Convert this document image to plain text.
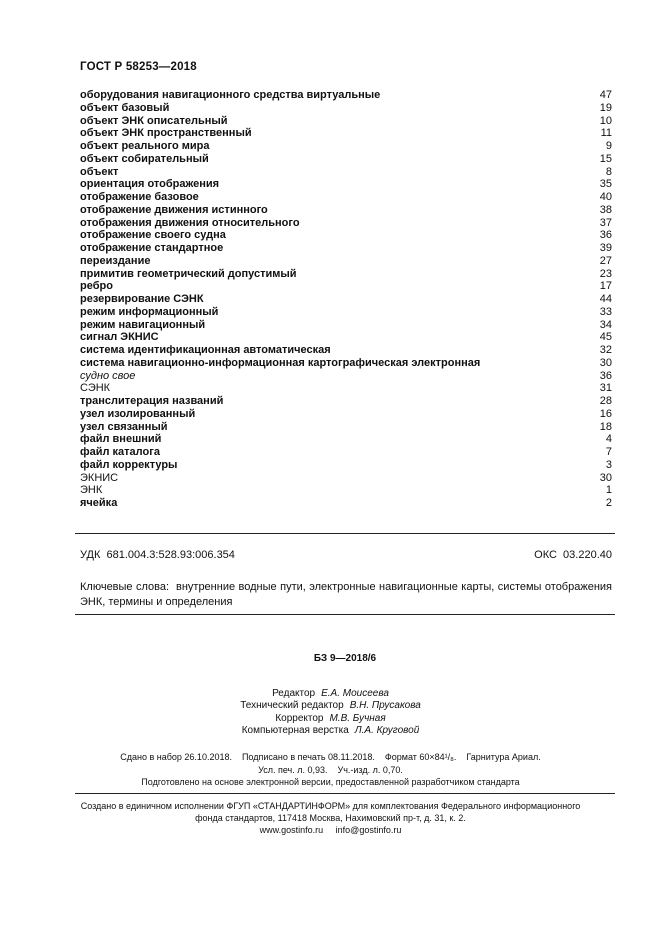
ГОСТ Р 58253—2018
оборудования навигационного средства виртуальные	47
объект базовый	19
объект ЭНК описательный	10
объект ЭНК пространственный	11
объект реального мира	9
объект собирательный	15
объект	8
ориентация отображения	35
отображение базовое	40
отображение движения истинного	38
отображения движения относительного	37
отображение своего судна	36
отображение стандартное	39
переиздание	27
примитив геометрический допустимый	23
ребро	17
резервирование СЭНК	44
режим информационный	33
режим навигационный	34
сигнал ЭКНИС	45
система идентификационная автоматическая	32
система навигационно-информационная картографическая электронная	30
судно свое	36
СЭНК	31
транслитерация названий	28
узел изолированный	16
узел связанный	18
файл внешний	4
файл каталога	7
файл корректуры	3
ЭКНИС	30
ЭНК	1
ячейка	2
УДК  681.004.3:528.93:006.354	ОКС  03.220.40
Ключевые слова:  внутренние водные пути, электронные навигационные карты, системы отображения ЭНК, термины и определения
БЗ 9—2018/6
Редактор Е.А. Моисеева
Технический редактор В.Н. Прусакова
Корректор М.В. Бучная
Компьютерная верстка Л.А. Круговой
Сдано в набор 26.10.2018.    Подписано в печать 08.11.2018.    Формат 60×84¹/₈.    Гарнитура Ариал.
Усл. печ. л. 0,93.    Уч.-изд. л. 0,70.
Подготовлено на основе электронной версии, предоставленной разработчиком стандарта
Создано в единичном исполнении ФГУП «СТАНДАРТИНФОРМ» для комплектования Федерального информационного
фонда стандартов, 117418 Москва, Нахимовский пр-т, д. 31, к. 2.
www.gostinfo.ru     info@gostinfo.ru
